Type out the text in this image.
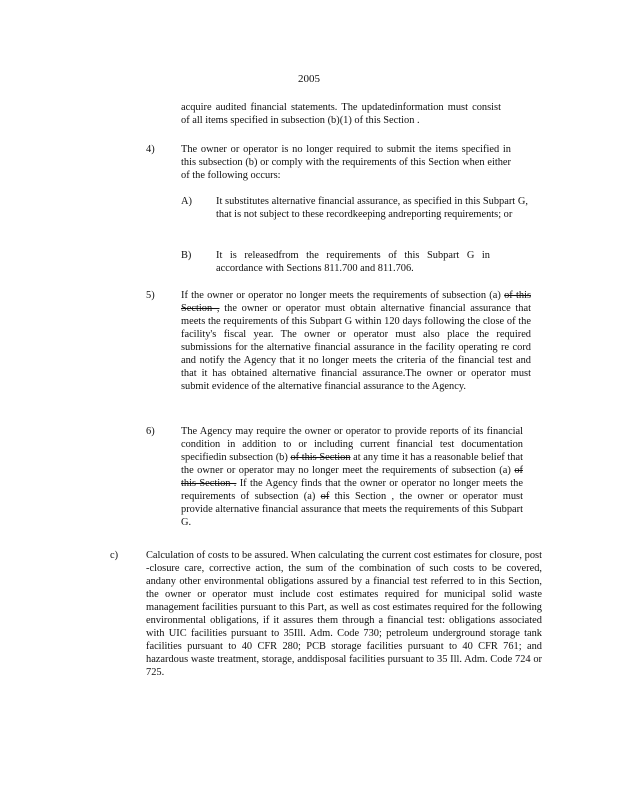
2005
acquire audited financial statements. The updatedinformation must consist of all items specified in subsection (b)(1) of this Section .
4)	The owner or operator is no longer required to submit the items specified in this subsection (b) or comply with the requirements of this Section when either of the following occurs:
A) It substitutes alternative financial assurance, as specified in this Subpart G, that is not subject to these recordkeeping andreporting requirements; or
B) It is releasedfrom the requirements of this Subpart G in accordance with Sections 811.700 and 811.706.
5)	If the owner or operator no longer meets the requirements of subsection (a) of this Section , the owner or operator must obtain alternative financial assurance that meets the requirements of this Subpart G within 120 days following the close of the facility's fiscal year. The owner or operator must also place the required submissions for the alternative financial assurance in the facility operating re cord and notify the Agency that it no longer meets the criteria of the financial test and that it has obtained alternative financial assurance.The owner or operator must submit evidence of the alternative financial assurance to the Agency.
6)	The Agency may require the owner or operator to provide reports of its financial condition in addition to or including current financial test documentation specifiedin subsection (b) of this Section at any time it has a reasonable belief that the owner or operator may no longer meet the requirements of subsection (a) of this Section . If the Agency finds that the owner or operator no longer meets the requirements of subsection (a) of this Section , the owner or operator must provide alternative financial assurance that meets the requirements of this Subpart G.
c)	Calculation of costs to be assured. When calculating the current cost estimates for closure, post -closure care, corrective action, the sum of the combination of such costs to be covered, andany other environmental obligations assured by a financial test referred to in this Section, the owner or operator must include cost estimates required for municipal solid waste management facilities pursuant to this Part, as well as cost estimates required for the following environmental obligations, if it assures them through a financial test: obligations associated with UIC facilities pursuant to 35Ill. Adm. Code 730; petroleum underground storage tank facilities pursuant to 40 CFR 280; PCB storage facilities pursuant to 40 CFR 761; and hazardous waste treatment, storage, anddisposal facilities pursuant to 35 Ill. Adm. Code 724 or 725.
